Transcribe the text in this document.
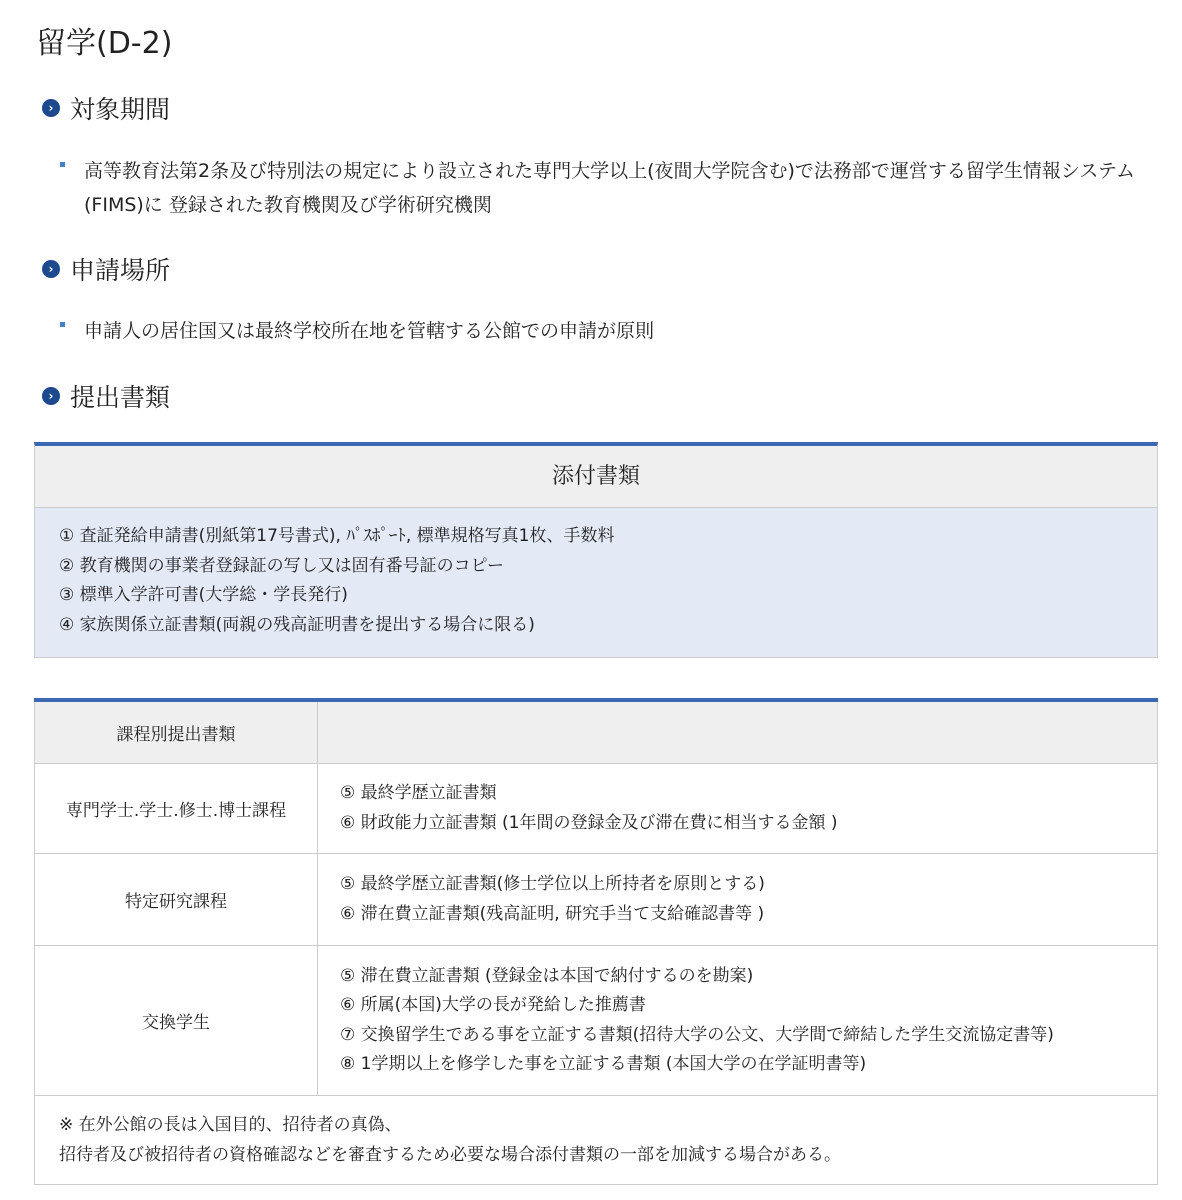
留学(D-2)
› 対象期間
高等教育法第2条及び特別法の規定により設立された専門大学以上(夜間大学院含む)で法務部で運営する留学生情報システム(FIMS)に 登録された教育機関及び学術研究機関
› 申請場所
申請人の居住国又は最終学校所在地を管轄する公館での申請が原則
› 提出書類
添付書類
① 査証発給申請書(別紙第17号書式), ﾊﾟｽﾎﾟｰﾄ, 標準規格写真1枚、手数料
② 教育機関の事業者登録証の写し又は固有番号証のコピー
③ 標準入学許可書(大学総・学長発行)
④ 家族関係立証書類(両親の残高証明書を提出する場合に限る)
課程別提出書類	
専門学士.学士.修士.博士課程	⑤ 最終学歴立証書類
⑥ 財政能力立証書類 (1年間の登録金及び滞在費に相当する金額 )

特定研究課程	⑤ 最終学歴立証書類(修士学位以上所持者を原則とする)
⑥ 滞在費立証書類(残高証明, 研究手当て支給確認書等 )

交換学生	⑤ 滞在費立証書類 (登録金は本国で納付するのを勘案)
⑥ 所属(本国)大学の長が発給した推薦書
⑦ 交換留学生である事を立証する書類(招待大学の公文、大学間で締結した学生交流協定書等)
⑧ 1学期以上を修学した事を立証する書類 (本国大学の在学証明書等)

※ 在外公館の長は入国目的、招待者の真偽、
招待者及び被招待者の資格確認などを審査するため必要な場合添付書類の一部を加減する場合がある。	
